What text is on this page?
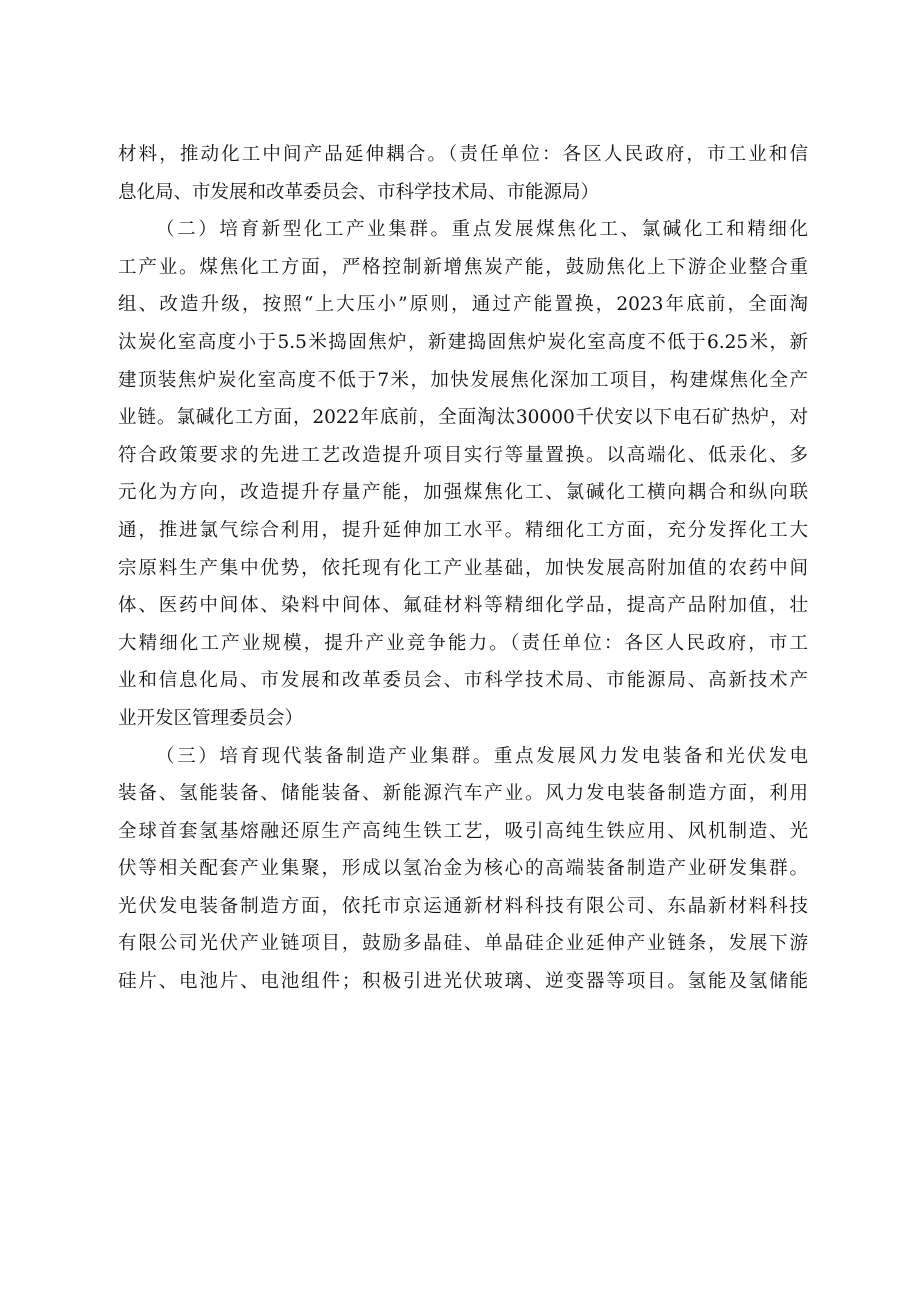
材料，推动化工中间产品延伸耦合。（责任单位：各区人民政府，市工业和信
息化局、市发展和改革委员会、市科学技术局、市能源局）
（二）培育新型化工产业集群。重点发展煤焦化工、氯碱化工和精细化
工产业。煤焦化工方面，严格控制新增焦炭产能，鼓励焦化上下游企业整合重
组、改造升级，按照“上大压小”原则，通过产能置换，2023年底前，全面淘
汰炭化室高度小于5.5米捣固焦炉，新建捣固焦炉炭化室高度不低于6.25米，新
建顶装焦炉炭化室高度不低于7米，加快发展焦化深加工项目，构建煤焦化全产
业链。氯碱化工方面，2022年底前，全面淘汰30000千伏安以下电石矿热炉，对
符合政策要求的先进工艺改造提升项目实行等量置换。以高端化、低汞化、多
元化为方向，改造提升存量产能，加强煤焦化工、氯碱化工横向耦合和纵向联
通，推进氯气综合利用，提升延伸加工水平。精细化工方面，充分发挥化工大
宗原料生产集中优势，依托现有化工产业基础，加快发展高附加值的农药中间
体、医药中间体、染料中间体、氟硅材料等精细化学品，提高产品附加值，壮
大精细化工产业规模，提升产业竞争能力。（责任单位：各区人民政府，市工
业和信息化局、市发展和改革委员会、市科学技术局、市能源局、高新技术产
业开发区管理委员会）
（三）培育现代装备制造产业集群。重点发展风力发电装备和光伏发电
装备、氢能装备、储能装备、新能源汽车产业。风力发电装备制造方面，利用
全球首套氢基熔融还原生产高纯生铁工艺，吸引高纯生铁应用、风机制造、光
伏等相关配套产业集聚，形成以氢冶金为核心的高端装备制造产业研发集群。
光伏发电装备制造方面，依托市京运通新材料科技有限公司、东晶新材料科技
有限公司光伏产业链项目，鼓励多晶硅、单晶硅企业延伸产业链条，发展下游
硅片、电池片、电池组件；积极引进光伏玻璃、逆变器等项目。氢能及氢储能
